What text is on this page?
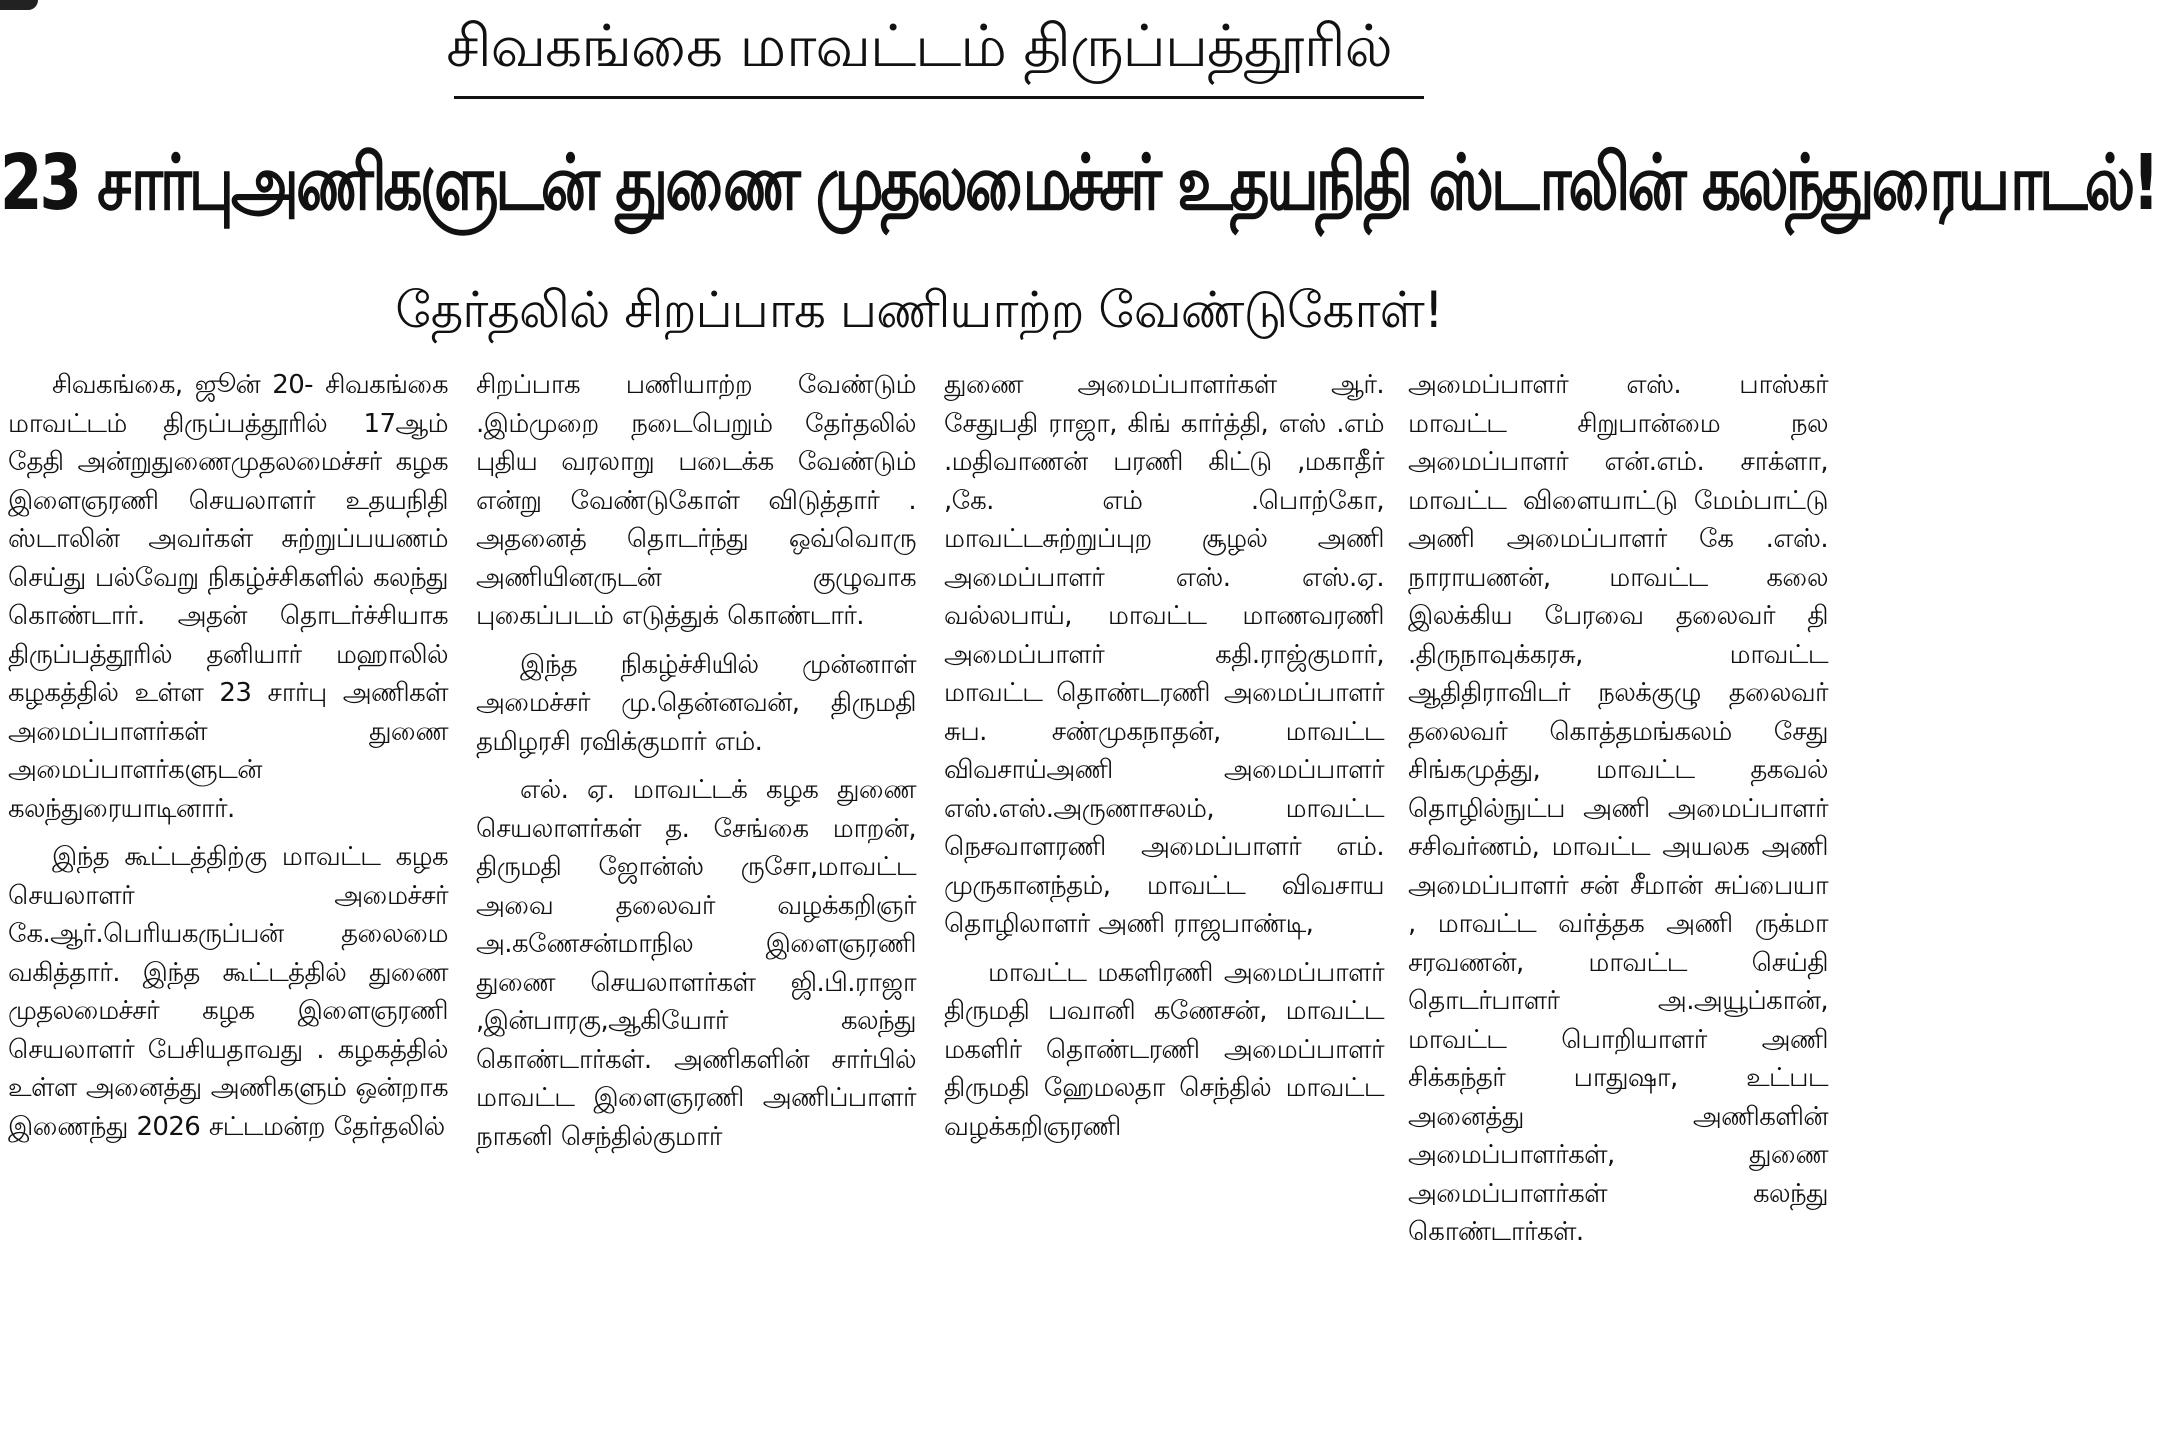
சிவகங்கை மாவட்டம் திருப்பத்தூரில்
23 சார்புஅணிகளுடன் துணை முதலமைச்சர் உதயநிதி ஸ்டாலின் கலந்துரையாடல்!
தேர்தலில் சிறப்பாக பணியாற்ற வேண்டுகோள்!

சிவகங்கை, ஜூன் 20- சிவகங்கை மாவட்டம் திருப்பத்தூரில் 17ஆம் தேதி அன்றுதுணைமுதலமைச்சர் கழக இளைஞரணி செயலாளர் உதயநிதி ஸ்டாலின் அவர்கள் சுற்றுப்பயணம் செய்து பல்வேறு நிகழ்ச்சிகளில் கலந்து கொண்டார். அதன் தொடர்ச்சியாக திருப்பத்தூரில் தனியார் மஹாலில் கழகத்தில் உள்ள 23 சார்பு அணிகள் அமைப்பாளர்கள் துணை அமைப்பாளர்களுடன் கலந்துரையாடினார்.

இந்த கூட்டத்திற்கு மாவட்ட கழக செயலாளர் அமைச்சர் கே.ஆர்.பெரியகருப்பன் தலைமை வகித்தார். இந்த கூட்டத்தில் துணை முதலமைச்சர் கழக இளைஞரணி செயலாளர் பேசியதாவது . கழகத்தில் உள்ள அனைத்து அணிகளும் ஒன்றாக இணைந்து 2026 சட்டமன்ற தேர்தலில்

சிறப்பாக பணியாற்ற வேண்டும் .இம்முறை நடைபெறும் தேர்தலில் புதிய வரலாறு படைக்க வேண்டும் என்று வேண்டுகோள் விடுத்தார் . அதனைத் தொடர்ந்து ஒவ்வொரு அணியினருடன் குழுவாக புகைப்படம் எடுத்துக் கொண்டார்.

இந்த நிகழ்ச்சியில் முன்னாள் அமைச்சர் மு.தென்னவன், திருமதி தமிழரசி ரவிக்குமார் எம்.

எல். ஏ. மாவட்டக் கழக துணை செயலாளர்கள் த. சேங்கை மாறன், திருமதி ஜோன்ஸ் ருசோ,மாவட்ட அவை தலைவர் வழக்கறிஞர் அ.கணேசன்மாநில இளைஞரணி துணை செயலாளர்கள் ஜி.பி.ராஜா ,இன்பாரகு,ஆகியோர் கலந்து கொண்டார்கள். அணிகளின் சார்பில் மாவட்ட இளைஞரணி அணிப்பாளர் நாகனி செந்தில்குமார்

துணை அமைப்பாளர்கள் ஆர். சேதுபதி ராஜா, கிங் கார்த்தி, எஸ் .எம் .மதிவாணன் பரணி கிட்டு ,மகாதீர் ,கே. எம் .பொற்கோ, மாவட்டசுற்றுப்புற சூழல் அணி அமைப்பாளர் எஸ். எஸ்.ஏ. வல்லபாய், மாவட்ட மாணவரணி அமைப்பாளர் கதி.ராஜ்குமார், மாவட்ட தொண்டரணி அமைப்பாளர் சுப. சண்முகநாதன், மாவட்ட விவசாய்அணி அமைப்பாளர் எஸ்.எஸ்.அருணாசலம், மாவட்ட நெசவாளரணி அமைப்பாளர் எம். முருகானந்தம், மாவட்ட விவசாய தொழிலாளர் அணி ராஜபாண்டி,

மாவட்ட மகளிரணி அமைப்பாளர் திருமதி பவானி கணேசன், மாவட்ட மகளிர் தொண்டரணி அமைப்பாளர் திருமதி ஹேமலதா செந்தில் மாவட்ட வழக்கறிஞரணி

அமைப்பாளர் எஸ். பாஸ்கர் மாவட்ட சிறுபான்மை நல அமைப்பாளர் என்.எம். சாக்ளா, மாவட்ட விளையாட்டு மேம்பாட்டு அணி அமைப்பாளர் கே .எஸ். நாராயணன், மாவட்ட கலை இலக்கிய பேரவை தலைவர் தி .திருநாவுக்கரசு, மாவட்ட ஆதிதிராவிடர் நலக்குழு தலைவர் தலைவர் கொத்தமங்கலம் சேது சிங்கமுத்து, மாவட்ட தகவல் தொழில்நுட்ப அணி அமைப்பாளர் சசிவர்ணம், மாவட்ட அயலக அணி அமைப்பாளர் சன் சீமான் சுப்பையா , மாவட்ட வர்த்தக அணி ருக்மா சரவணன், மாவட்ட செய்தி தொடர்பாளர் அ.அயூப்கான், மாவட்ட பொறியாளர் அணி சிக்கந்தர் பாதுஷா, உட்பட அனைத்து அணிகளின் அமைப்பாளர்கள், துணை அமைப்பாளர்கள் கலந்து கொண்டார்கள்.
